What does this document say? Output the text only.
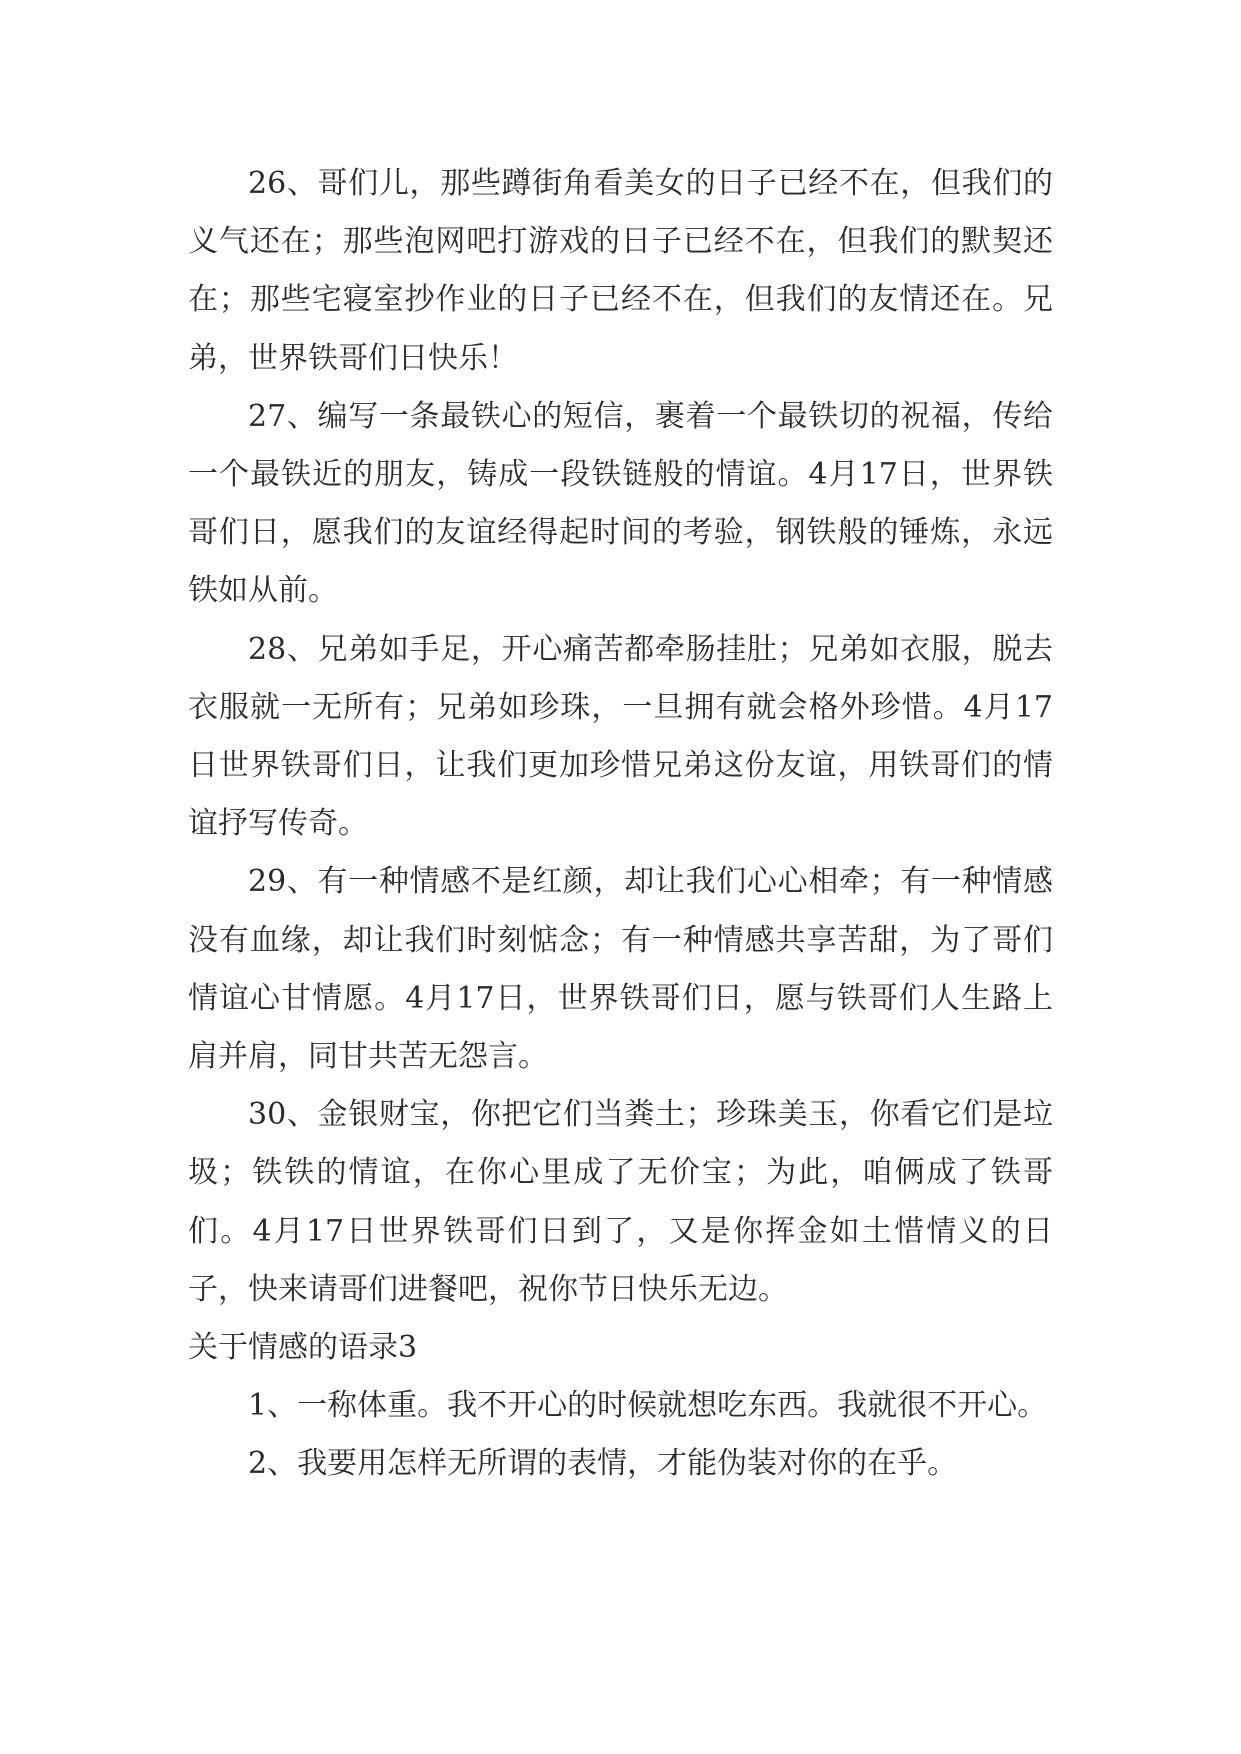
26、哥们儿，那些蹲街角看美女的日子已经不在，但我们的义气还在；那些泡网吧打游戏的日子已经不在，但我们的默契还在；那些宅寝室抄作业的日子已经不在，但我们的友情还在。兄弟，世界铁哥们日快乐！

27、编写一条最铁心的短信，裹着一个最铁切的祝福，传给一个最铁近的朋友，铸成一段铁链般的情谊。4月17日，世界铁哥们日，愿我们的友谊经得起时间的考验，钢铁般的锤炼，永远铁如从前。

28、兄弟如手足，开心痛苦都牵肠挂肚；兄弟如衣服，脱去衣服就一无所有；兄弟如珍珠，一旦拥有就会格外珍惜。4月17日世界铁哥们日，让我们更加珍惜兄弟这份友谊，用铁哥们的情谊抒写传奇。

29、有一种情感不是红颜，却让我们心心相牵；有一种情感没有血缘，却让我们时刻惦念；有一种情感共享苦甜，为了哥们情谊心甘情愿。4月17日，世界铁哥们日，愿与铁哥们人生路上肩并肩，同甘共苦无怨言。

30、金银财宝，你把它们当粪土；珍珠美玉，你看它们是垃圾；铁铁的情谊，在你心里成了无价宝；为此，咱俩成了铁哥们。4月17日世界铁哥们日到了，又是你挥金如土惜情义的日子，快来请哥们进餐吧，祝你节日快乐无边。

关于情感的语录3

1、一称体重。我不开心的时候就想吃东西。我就很不开心。

2、我要用怎样无所谓的表情，才能伪装对你的在乎。
